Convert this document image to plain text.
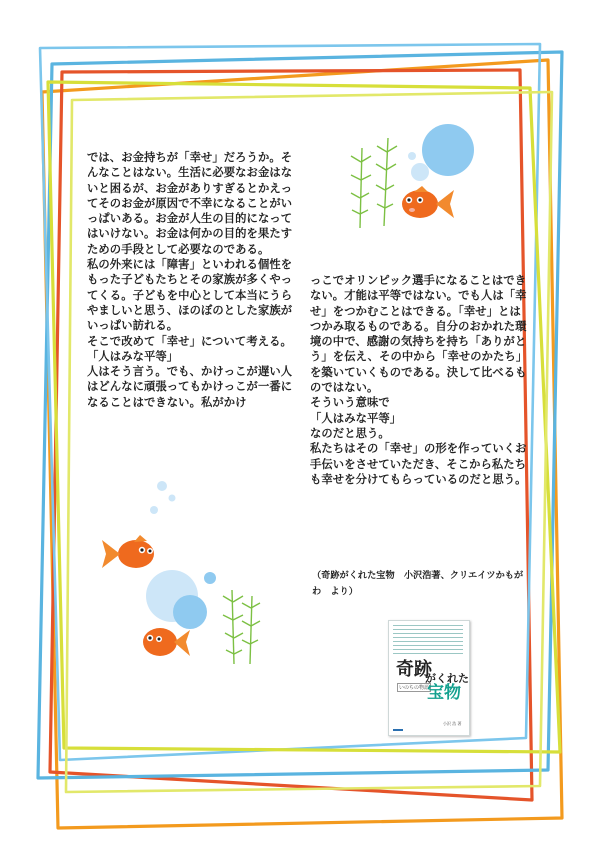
では、お金持ちが「幸せ」だろうか。そんなことはない。生活に必要なお金はないと困るが、お金がありすぎるとかえってそのお金が原因で不幸になることがいっぱいある。お金が人生の目的になってはいけない。お金は何かの目的を果たすための手段として必要なのである。

私の外来には「障害」といわれる個性をもった子どもたちとその家族が多くやってくる。子どもを中心として本当にうらやましいと思う、ほのぼのとした家族がいっぱい訪れる。

そこで改めて「幸せ」について考える。

「人はみな平等」

人はそう言う。でも、かけっこが遅い人はどんなに頑張ってもかけっこが一番になることはできない。私がかけ

っこでオリンピック選手になることはできない。才能は平等ではない。でも人は「幸せ」をつかむことはできる。「幸せ」とはつかみ取るものである。自分のおかれた環境の中で、感謝の気持ちを持ち「ありがとう」を伝え、その中から「幸せのかたち」を築いていくものである。決して比べるものではない。

そういう意味で

「人はみな平等」

なのだと思う。

私たちはその「幸せ」の形を作っていくお手伝いをさせていただき、そこから私たちも幸せを分けてもらっているのだと思う。

（奇跡がくれた宝物　小沢浩著、クリエイツかもがわ　より）
奇跡
がくれた
いのちの物語
宝物
小沢 浩 著
